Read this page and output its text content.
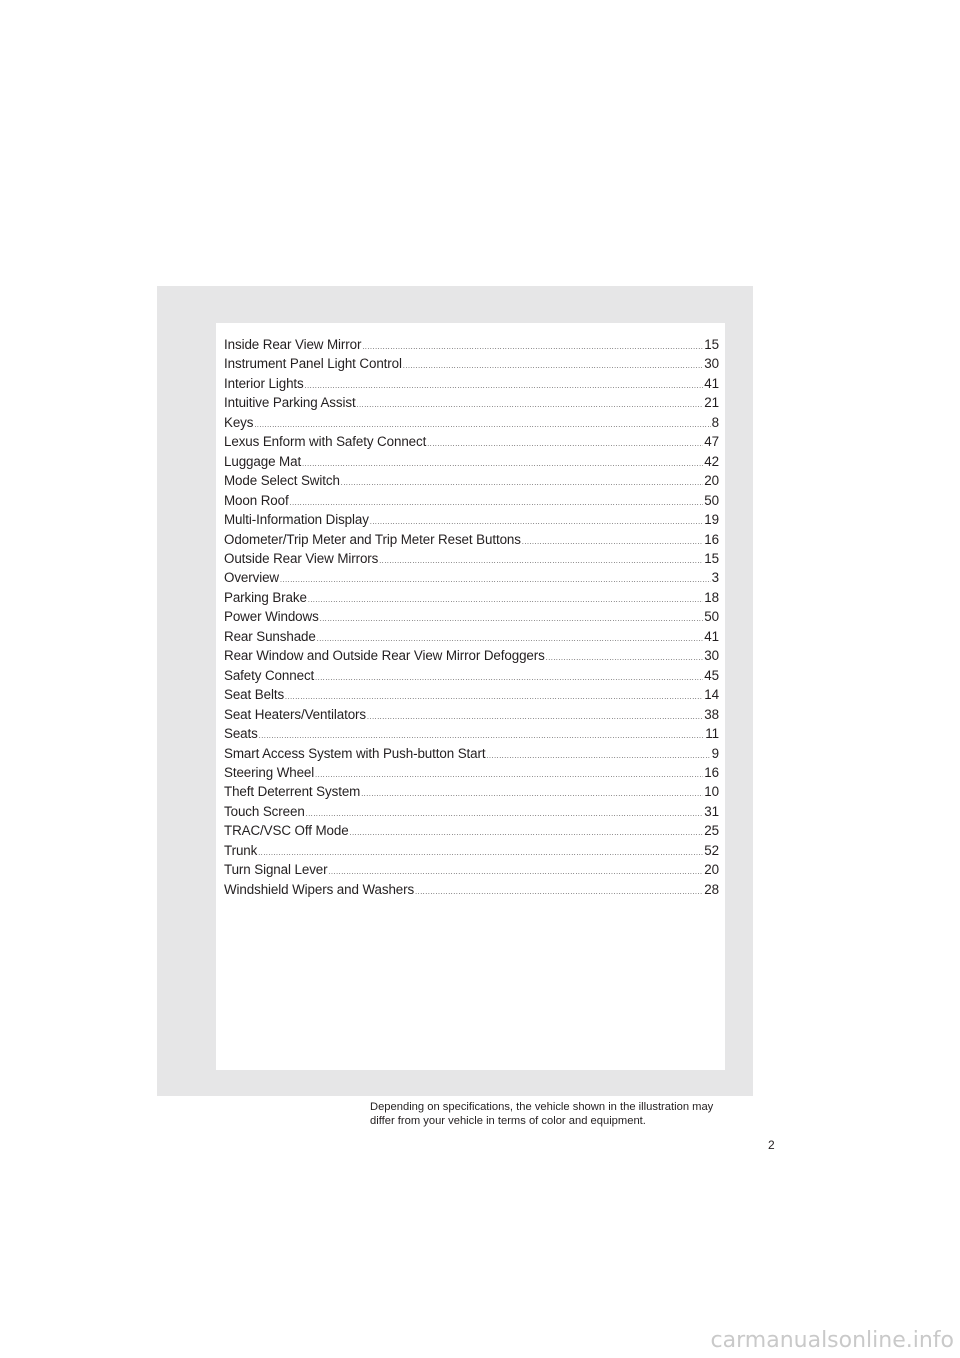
Inside Rear View Mirror .....	15
Instrument Panel Light Control .....	30
Interior Lights .....	41
Intuitive Parking Assist .....	21
Keys .....	8
Lexus Enform with Safety Connect .....	47
Luggage Mat .....	42
Mode Select Switch .....	20
Moon Roof .....	50
Multi-Information Display .....	19
Odometer/Trip Meter and Trip Meter Reset Buttons .....	16
Outside Rear View Mirrors .....	15
Overview .....	3
Parking Brake .....	18
Power Windows .....	50
Rear Sunshade .....	41
Rear Window and Outside Rear View Mirror Defoggers .....	30
Safety Connect .....	45
Seat Belts .....	14
Seat Heaters/Ventilators .....	38
Seats .....	11
Smart Access System with Push-button Start .....	9
Steering Wheel .....	16
Theft Deterrent System .....	10
Touch Screen .....	31
TRAC/VSC Off Mode .....	25
Trunk .....	52
Turn Signal Lever .....	20
Windshield Wipers and Washers .....	28
Depending on specifications, the vehicle shown in the illustration may
differ from your vehicle in terms of color and equipment.
2
carmanualsonline.info
